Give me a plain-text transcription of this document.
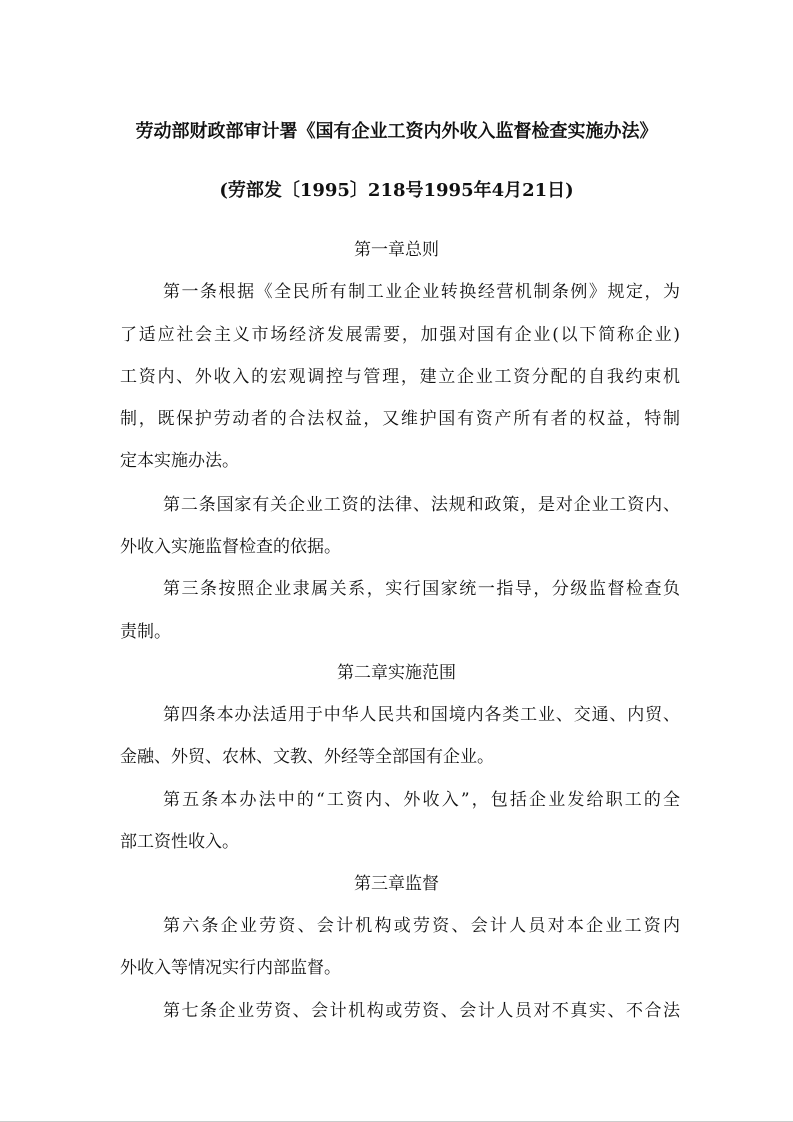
劳动部财政部审计署《国有企业工资内外收入监督检查实施办法》
(劳部发〔1995〕218号1995年4月21日)
第一章总则
第一条根据《全民所有制工业企业转换经营机制条例》规定，为
了适应社会主义市场经济发展需要，加强对国有企业(以下简称企业)
工资内、外收入的宏观调控与管理，建立企业工资分配的自我约束机
制，既保护劳动者的合法权益，又维护国有资产所有者的权益，特制
定本实施办法。
第二条国家有关企业工资的法律、法规和政策，是对企业工资内、
外收入实施监督检查的依据。
第三条按照企业隶属关系，实行国家统一指导，分级监督检查负
责制。
第二章实施范围
第四条本办法适用于中华人民共和国境内各类工业、交通、内贸、
金融、外贸、农林、文教、外经等全部国有企业。
第五条本办法中的“工资内、外收入”，包括企业发给职工的全
部工资性收入。
第三章监督
第六条企业劳资、会计机构或劳资、会计人员对本企业工资内
外收入等情况实行内部监督。
第七条企业劳资、会计机构或劳资、会计人员对不真实、不合法
